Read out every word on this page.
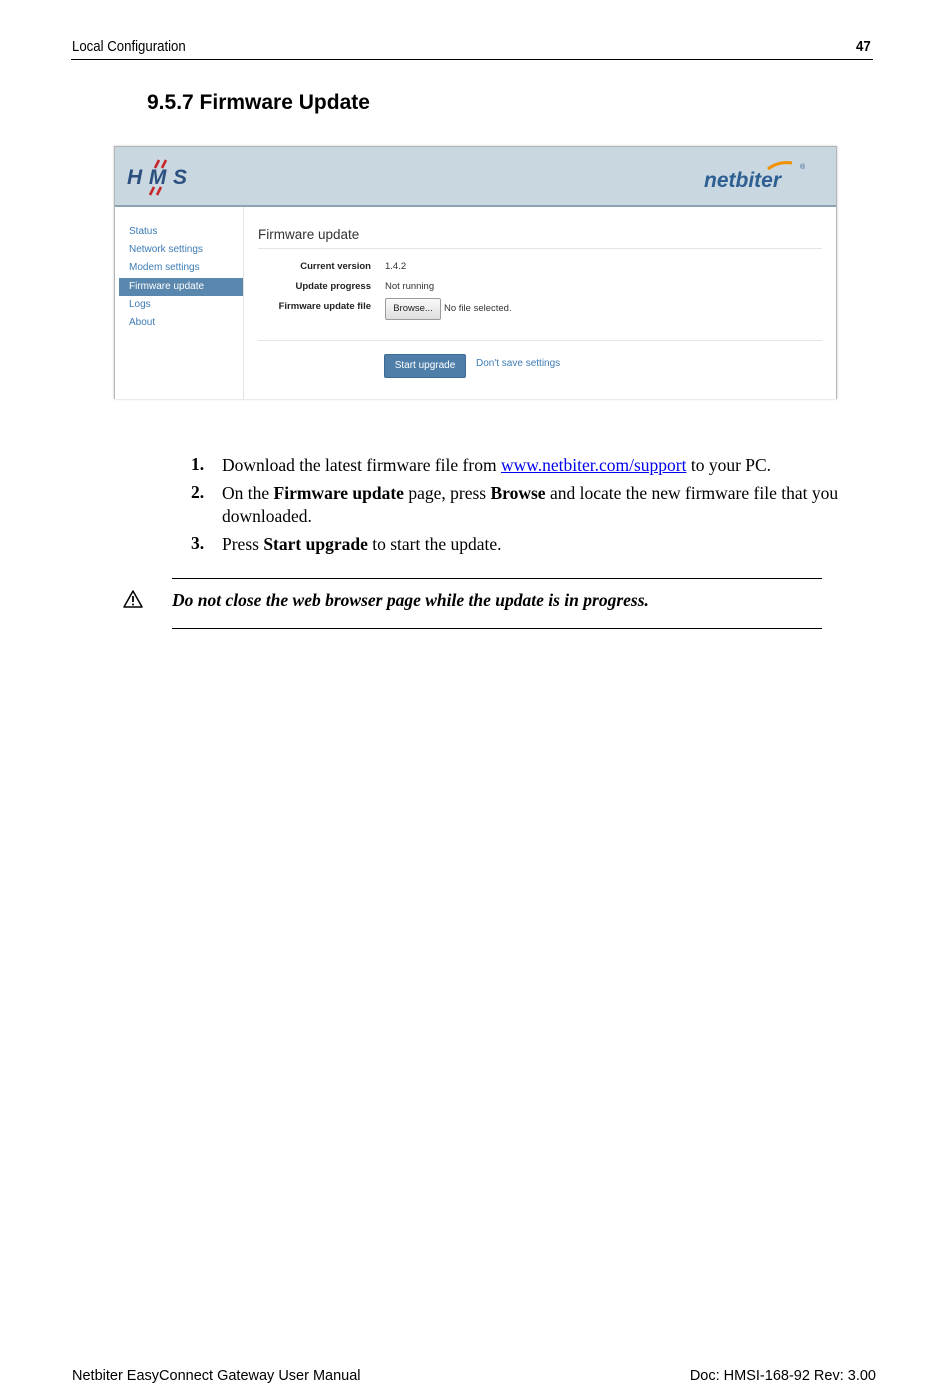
Local Configuration	47
9.5.7 Firmware Update
HMS	netbiter
®
Status
Network settings
Modem settings
Firmware update
Logs
About
Firmware update
Current version 1.4.2
Update progress Not running
Firmware update file	Browse...	No file selected.
Start upgrade	Don't save settings
1. Download the latest firmware file from www.netbiter.com/support to your PC.
2. On the Firmware update page, press Browse and locate the new firmware file that you downloaded.
3. Press Start upgrade to start the update.
Do not close the web browser page while the update is in progress.
Netbiter EasyConnect Gateway User Manual	Doc: HMSI-168-92 Rev: 3.00
